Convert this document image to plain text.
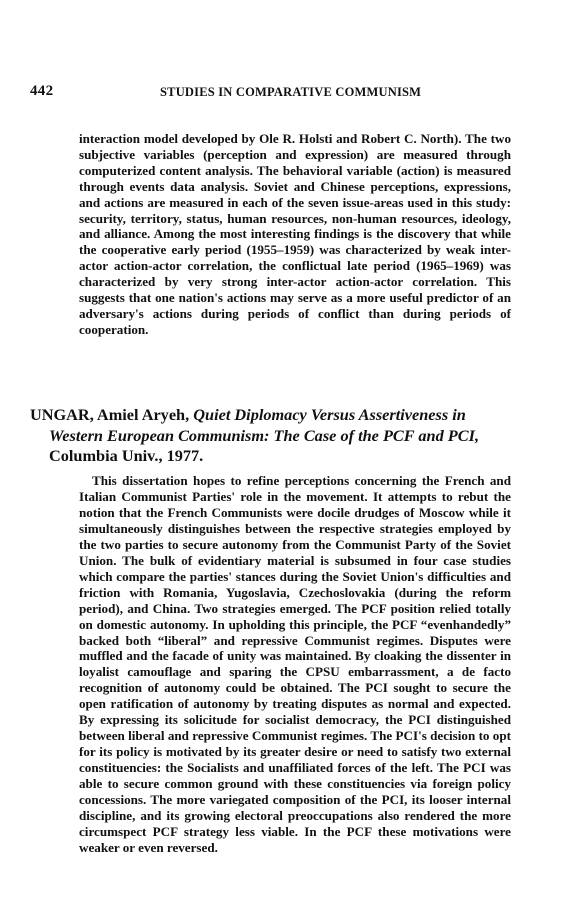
442	STUDIES IN COMPARATIVE COMMUNISM

interaction model developed by Ole R. Holsti and Robert C. North). The two subjective variables (perception and expression) are measured through computerized content analysis. The behavioral variable (action) is measured through events data analysis. Soviet and Chinese perceptions, expressions, and actions are measured in each of the seven issue-areas used in this study: security, territory, status, human resources, non-human resources, ideology, and alliance. Among the most interesting findings is the discovery that while the cooperative early period (1955–1959) was characterized by weak inter-actor action-actor correlation, the conflictual late period (1965–1969) was characterized by very strong inter-actor action-actor correlation. This suggests that one nation's actions may serve as a more useful predictor of an adversary's actions during periods of conflict than during periods of cooperation.

UNGAR, Amiel Aryeh, Quiet Diplomacy Versus Assertiveness in
Western European Communism: The Case of the PCF and PCI,
Columbia Univ., 1977.

This dissertation hopes to refine perceptions concerning the French and Italian Communist Parties' role in the movement. It attempts to rebut the notion that the French Communists were docile drudges of Moscow while it simultaneously distinguishes between the respective strategies employed by the two parties to secure autonomy from the Communist Party of the Soviet Union. The bulk of evidentiary material is subsumed in four case studies which compare the parties' stances during the Soviet Union's difficulties and friction with Romania, Yugoslavia, Czechoslovakia (during the reform period), and China. Two strategies emerged. The PCF position relied totally on domestic autonomy. In upholding this principle, the PCF “evenhandedly” backed both “liberal” and repressive Communist regimes. Disputes were muffled and the facade of unity was maintained. By cloaking the dissenter in loyalist camouflage and sparing the CPSU embarrassment, a de facto recognition of autonomy could be obtained. The PCI sought to secure the open ratification of autonomy by treating disputes as normal and expected. By expressing its solicitude for socialist democracy, the PCI distinguished between liberal and repressive Communist regimes. The PCI's decision to opt for its policy is motivated by its greater desire or need to satisfy two external constituencies: the Socialists and unaffiliated forces of the left. The PCI was able to secure common ground with these constituencies via foreign policy concessions. The more variegated composition of the PCI, its looser internal discipline, and its growing electoral preoccupations also rendered the more circumspect PCF strategy less viable. In the PCF these motivations were weaker or even reversed.
